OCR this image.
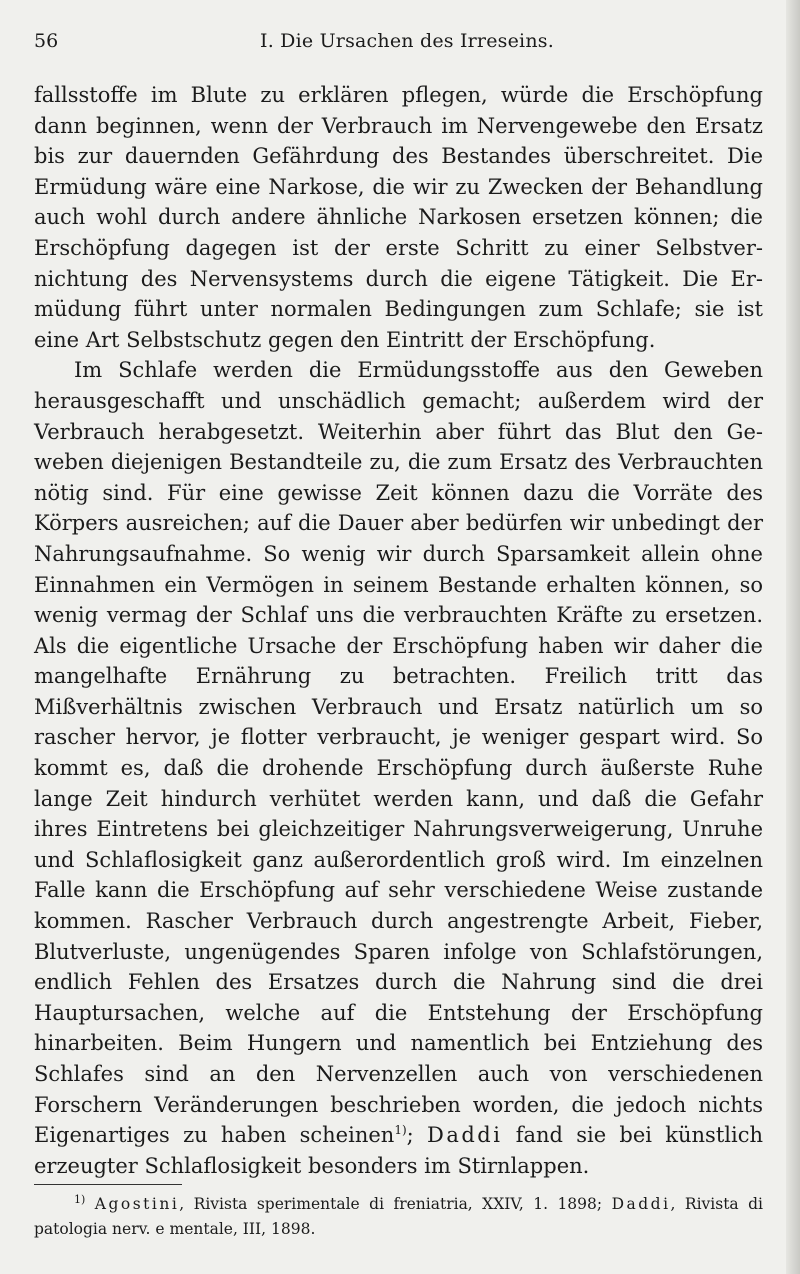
56	I. Die Ursachen des Irreseins.

fallsstoffe im Blute zu erklären pflegen, würde die Erschöpfung dann beginnen, wenn der Verbrauch im Nervengewebe den Ersatz bis zur dauernden Gefährdung des Bestandes überschreitet. Die Ermüdung wäre eine Narkose, die wir zu Zwecken der Behandlung auch wohl durch andere ähnliche Narkosen ersetzen können; die Erschöpfung dagegen ist der erste Schritt zu einer Selbstvernichtung des Nervensystems durch die eigene Tätigkeit. Die Ermüdung führt unter normalen Bedingungen zum Schlafe; sie ist eine Art Selbstschutz gegen den Eintritt der Erschöpfung.

Im Schlafe werden die Ermüdungsstoffe aus den Geweben herausgeschafft und unschädlich gemacht; außerdem wird der Verbrauch herabgesetzt. Weiterhin aber führt das Blut den Geweben diejenigen Bestandteile zu, die zum Ersatz des Verbrauchten nötig sind. Für eine gewisse Zeit können dazu die Vorräte des Körpers ausreichen; auf die Dauer aber bedürfen wir unbedingt der Nahrungsaufnahme. So wenig wir durch Sparsamkeit allein ohne Einnahmen ein Vermögen in seinem Bestande erhalten können, so wenig vermag der Schlaf uns die verbrauchten Kräfte zu ersetzen. Als die eigentliche Ursache der Erschöpfung haben wir daher die mangelhafte Ernährung zu betrachten. Freilich tritt das Mißverhältnis zwischen Verbrauch und Ersatz natürlich um so rascher hervor, je flotter verbraucht, je weniger gespart wird. So kommt es, daß die drohende Erschöpfung durch äußerste Ruhe lange Zeit hindurch verhütet werden kann, und daß die Gefahr ihres Eintretens bei gleichzeitiger Nahrungsverweigerung, Unruhe und Schlaflosigkeit ganz außerordentlich groß wird. Im einzelnen Falle kann die Erschöpfung auf sehr verschiedene Weise zustande kommen. Rascher Verbrauch durch angestrengte Arbeit, Fieber, Blutverluste, ungenügendes Sparen infolge von Schlafstörungen, endlich Fehlen des Ersatzes durch die Nahrung sind die drei Hauptursachen, welche auf die Entstehung der Erschöpfung hinarbeiten. Beim Hungern und namentlich bei Entziehung des Schlafes sind an den Nervenzellen auch von verschiedenen Forschern Veränderungen beschrieben worden, die jedoch nichts Eigenartiges zu haben scheinen$^{1)}$; Daddi fand sie bei künstlich erzeugter Schlaflosigkeit besonders im Stirnlappen.

$^{1)}$ Agostini, Rivista sperimentale di freniatria, XXIV, 1. 1898; Daddi, Rivista di patologia nerv. e mentale, III, 1898.
